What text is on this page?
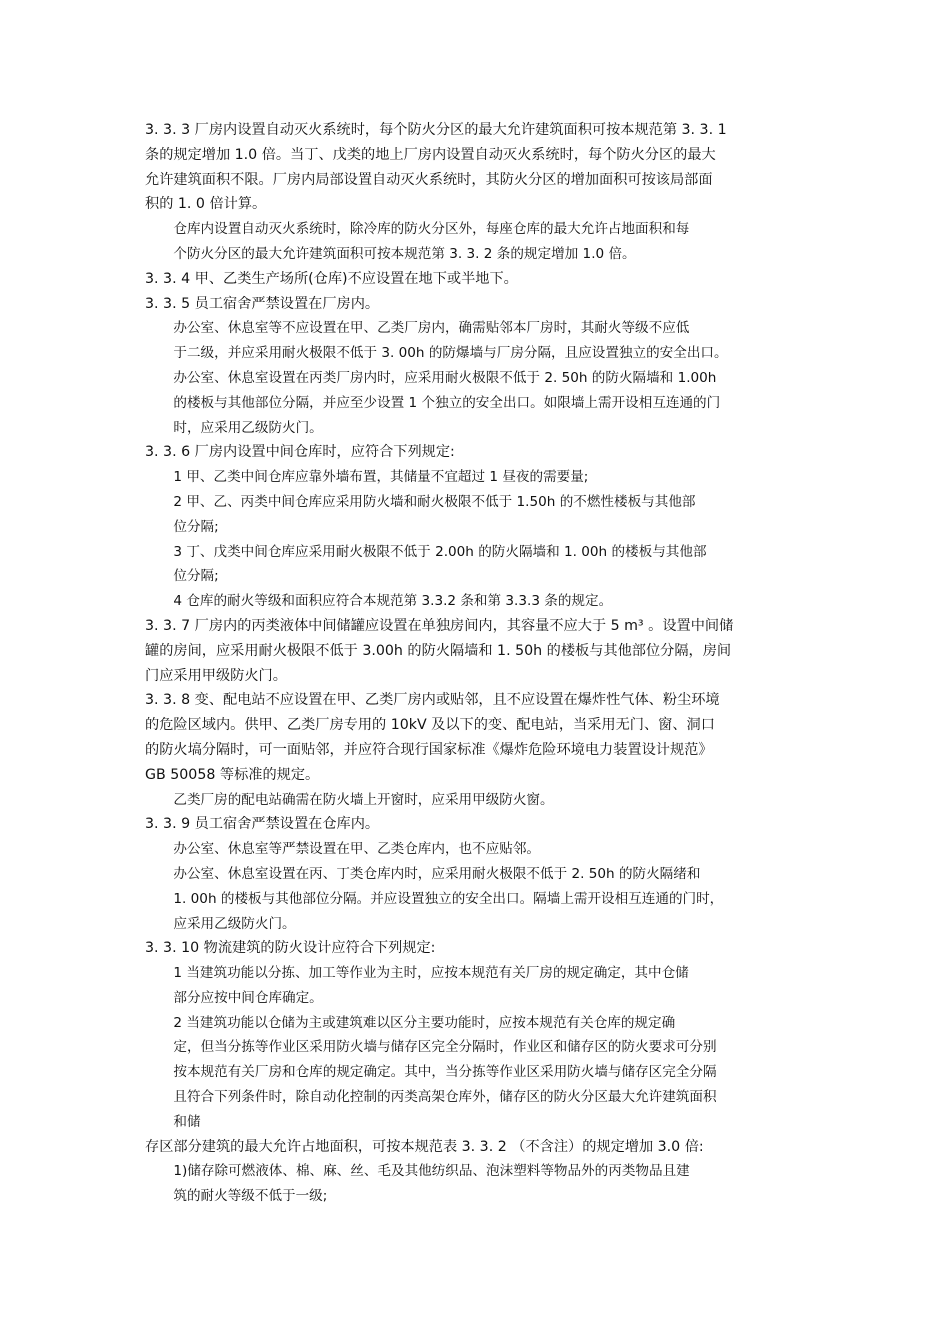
3. 3. 3 厂房内设置自动灭火系统时，每个防火分区的最大允许建筑面积可按本规范第 3. 3. 1
条的规定增加 1.0 倍。当丁、戊类的地上厂房内设置自动灭火系统时，每个防火分区的最大
允许建筑面积不限。厂房内局部设置自动灭火系统时，其防火分区的增加面积可按该局部面
积的 1. 0 倍计算。
仓库内设置自动灭火系统时，除冷库的防火分区外，每座仓库的最大允许占地面积和每
个防火分区的最大允许建筑面积可按本规范第 3. 3. 2 条的规定增加 1.0 倍。
3. 3. 4 甲、乙类生产场所(仓库)不应设置在地下或半地下。
3. 3. 5 员工宿舍严禁设置在厂房内。
办公室、休息室等不应设置在甲、乙类厂房内，确需贴邻本厂房时，其耐火等级不应低
于二级，并应采用耐火极限不低于 3. 00h 的防爆墙与厂房分隔，且应设置独立的安全出口。
办公室、休息室设置在丙类厂房内时，应采用耐火极限不低于 2. 50h 的防火隔墙和 1.00h
的楼板与其他部位分隔，并应至少设置 1 个独立的安全出口。如限墙上需开设相互连通的门
时，应采用乙级防火门。
3. 3. 6 厂房内设置中间仓库时，应符合下列规定:
1 甲、乙类中间仓库应靠外墙布置，其储量不宜超过 1 昼夜的需要量;
2 甲、乙、丙类中间仓库应采用防火墙和耐火极限不低于 1.50h 的不燃性楼板与其他部
位分隔;
3 丁、戊类中间仓库应采用耐火极限不低于 2.00h 的防火隔墙和 1. 00h 的楼板与其他部
位分隔;
4 仓库的耐火等级和面积应符合本规范第 3.3.2 条和第 3.3.3 条的规定。
3. 3. 7 厂房内的丙类液体中间储罐应设置在单独房间内，其容量不应大于 5 m³ 。设置中间储
罐的房间，应采用耐火极限不低于 3.00h 的防火隔墙和 1. 50h 的楼板与其他部位分隔，房间
门应采用甲级防火门。
3. 3. 8 变、配电站不应设置在甲、乙类厂房内或贴邻，且不应设置在爆炸性气体、粉尘环境
的危险区域内。供甲、乙类厂房专用的 10kV 及以下的变、配电站，当采用无门、窗、洞口
的防火塙分隔时，可一面贴邻，并应符合现行国家标准《爆炸危险环境电力装置设计规范》
GB 50058 等标准的规定。
乙类厂房的配电站确需在防火墙上开窗时，应采用甲级防火窗。
3. 3. 9 员工宿舍严禁设置在仓库内。
办公室、休息室等严禁设置在甲、乙类仓库内，也不应贴邻。
办公室、休息室设置在丙、丁类仓库内时，应采用耐火极限不低于 2. 50h 的防火隔绪和
1. 00h 的楼板与其他部位分隔。并应设置独立的安全出口。隔墙上需开设相互连通的门时，
应采用乙级防火门。
3. 3. 10 物流建筑的防火设计应符合下列规定:
1 当建筑功能以分拣、加工等作业为主时，应按本规范有关厂房的规定确定，其中仓储
部分应按中间仓库确定。
2 当建筑功能以仓储为主或建筑难以区分主要功能时，应按本规范有关仓库的规定确
定，但当分拣等作业区采用防火墙与储存区完全分隔时，作业区和储存区的防火要求可分别
按本规范有关厂房和仓库的规定确定。其中，当分拣等作业区采用防火墙与储存区完全分隔
且符合下列条件时，除自动化控制的丙类高架仓库外，储存区的防火分区最大允许建筑面积
和储
存区部分建筑的最大允许占地面积，可按本规范表 3. 3. 2 （不含注）的规定增加 3.0 倍:
1)储存除可燃液体、棉、麻、丝、毛及其他纺织品、泡沫塑料等物品外的丙类物品且建
筑的耐火等级不低于一级;
